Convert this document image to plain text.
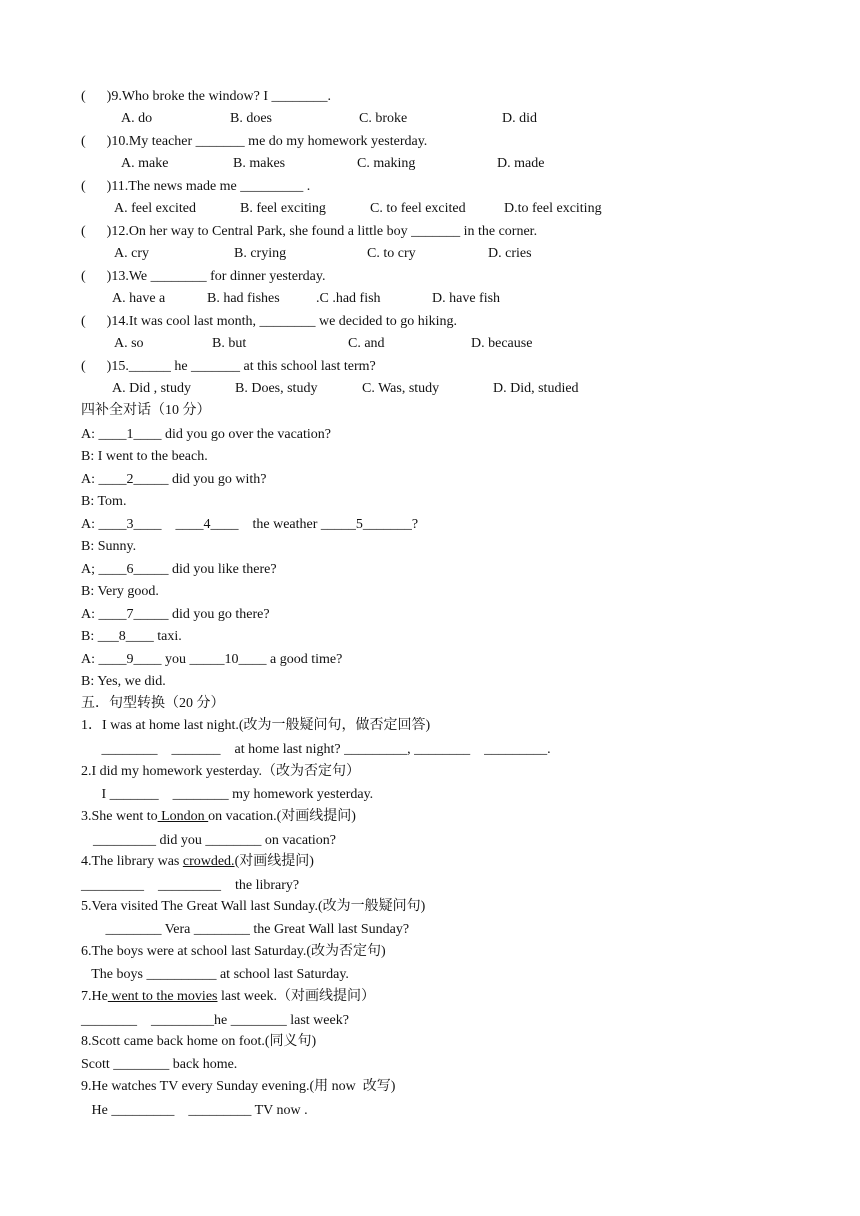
(      )9.Who broke the window? I ________.
A. do	B. does	C. broke	D. did
(      )10.My teacher _______ me do my homework yesterday.
A. make	B. makes	C. making	D. made
(      )11.The news made me _________ .
A. feel excited	B. feel exciting	C. to feel excited	D.to feel exciting
(      )12.On her way to Central Park, she found a little boy _______ in the corner.
A. cry	B. crying	C. to cry	D. cries
(      )13.We ________ for dinner yesterday.
A. have a	B. had fishes	.C .had fish	D. have fish
(      )14.It was cool last month, ________ we decided to go hiking.
A. so	B. but	C. and	D. because
(      )15.______ he _______ at this school last term?
A. Did , study	B. Does, study	C. Was, study	D. Did, studied
四补全对话（10 分）
A: ____1____ did you go over the vacation?
B: I went to the beach.
A: ____2_____ did you go with?
B: Tom.
A: ____3____    ____4____    the weather _____5_______?
B: Sunny.
A; ____6_____ did you like there?
B: Very good.
A: ____7_____ did you go there?
B: ___8____ taxi.
A: ____9____ you _____10____ a good time?
B: Yes, we did.
五．句型转换（20 分）
1．I was at home last night.(改为一般疑问句，做否定回答)
________    _______    at home last night? _________, ________    _________.
2.I did my homework yesterday.（改为否定句）
I _______    ________ my homework yesterday.
3.She went to London on vacation.(对画线提问)
_________ did you ________ on vacation?
4.The library was crowded.(对画线提问)
_________    _________    the library?
5.Vera visited The Great Wall last Sunday.(改为一般疑问句)
________ Vera ________ the Great Wall last Sunday?
6.The boys were at school last Saturday.(改为否定句)
The boys __________ at school last Saturday.
7.He went to the movies last week.（对画线提问）
________    _________he ________ last week?
8.Scott came back home on foot.(同义句)
Scott ________ back home.
9.He watches TV every Sunday evening.(用 now  改写)
He _________    _________ TV now .
